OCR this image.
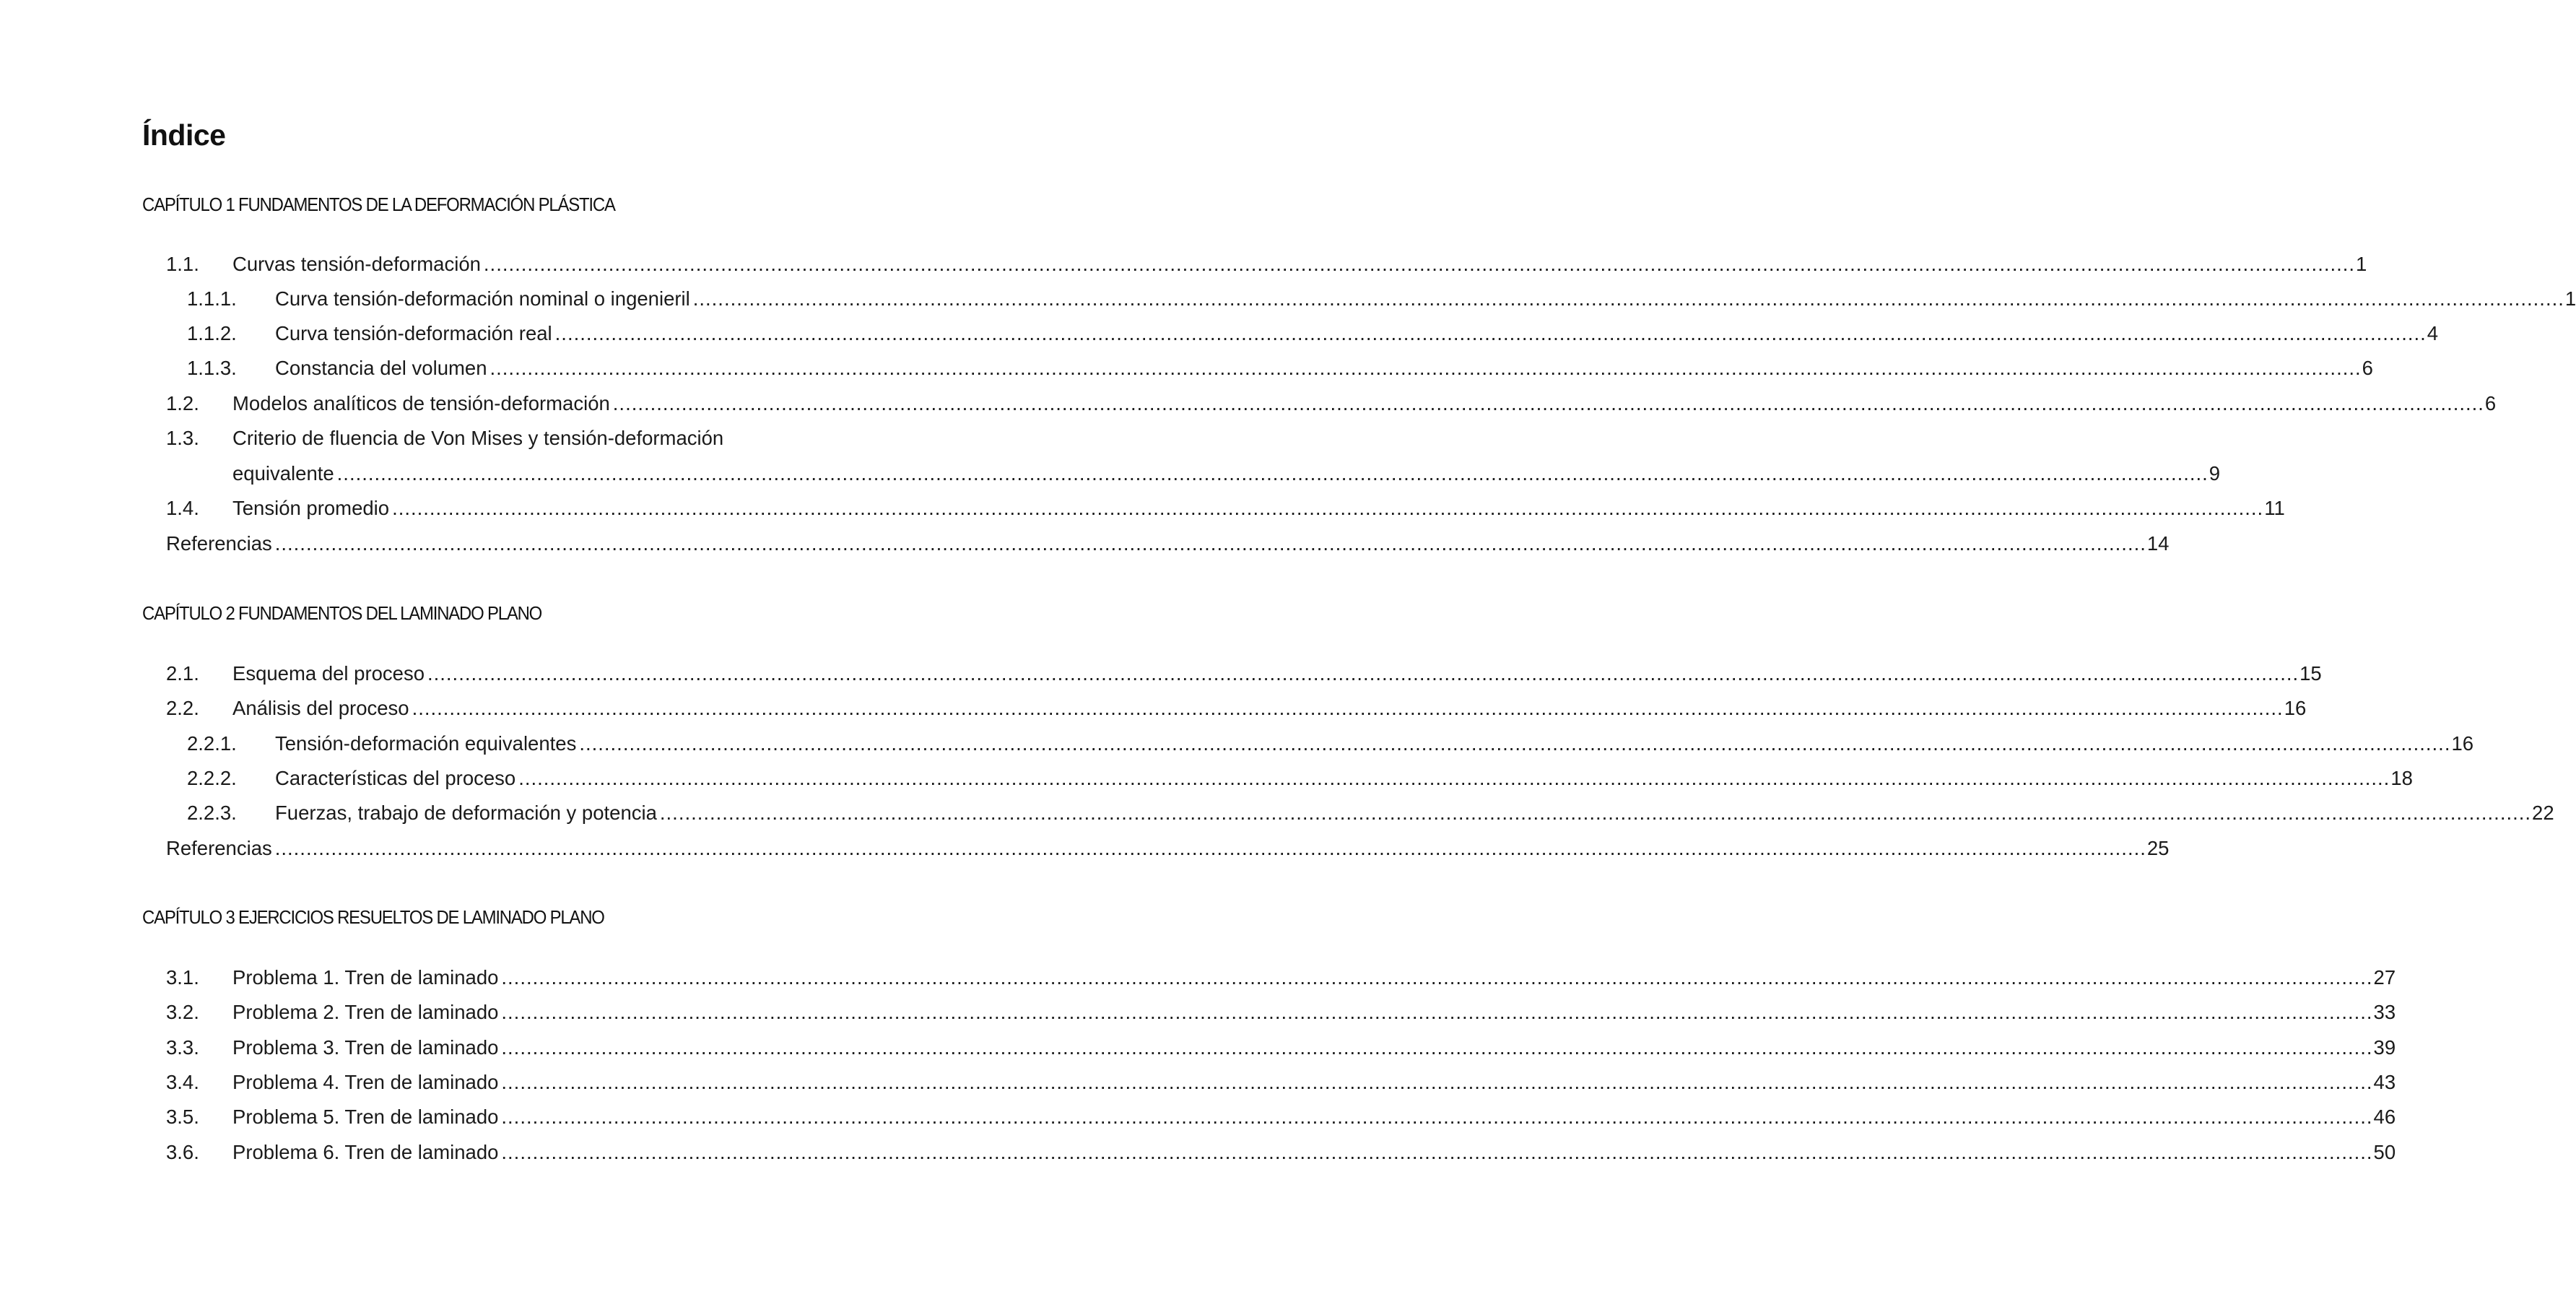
Índice
CAPÍTULO 1 FUNDAMENTOS DE LA DEFORMACIÓN PLÁSTICA
1.1. Curvas tensión-deformación ............................................................................................................................................................................................................................................................................................................ 1
1.1.1. Curva tensión-deformación nominal o ingenieril ............................................................................................................................................................................................................................................................................................................ 1
1.1.2. Curva tensión-deformación real ............................................................................................................................................................................................................................................................................................................ 4
1.1.3. Constancia del volumen ............................................................................................................................................................................................................................................................................................................ 6
1.2. Modelos analíticos de tensión-deformación ............................................................................................................................................................................................................................................................................................................ 6
1.3. Criterio de fluencia de Von Mises y tensión-deformación
equivalente ............................................................................................................................................................................................................................................................................................................ 9
1.4. Tensión promedio ............................................................................................................................................................................................................................................................................................................ 11
Referencias ............................................................................................................................................................................................................................................................................................................ 14
CAPÍTULO 2 FUNDAMENTOS DEL LAMINADO PLANO
2.1. Esquema del proceso ............................................................................................................................................................................................................................................................................................................ 15
2.2. Análisis del proceso ............................................................................................................................................................................................................................................................................................................ 16
2.2.1. Tensión-deformación equivalentes ............................................................................................................................................................................................................................................................................................................ 16
2.2.2. Características del proceso ............................................................................................................................................................................................................................................................................................................ 18
2.2.3. Fuerzas, trabajo de deformación y potencia ............................................................................................................................................................................................................................................................................................................ 22
Referencias ............................................................................................................................................................................................................................................................................................................ 25
CAPÍTULO 3 EJERCICIOS RESUELTOS DE LAMINADO PLANO
3.1. Problema 1. Tren de laminado ............................................................................................................................................................................................................................................................................................................ 27
3.2. Problema 2. Tren de laminado ............................................................................................................................................................................................................................................................................................................ 33
3.3. Problema 3. Tren de laminado ............................................................................................................................................................................................................................................................................................................ 39
3.4. Problema 4. Tren de laminado ............................................................................................................................................................................................................................................................................................................ 43
3.5. Problema 5. Tren de laminado ............................................................................................................................................................................................................................................................................................................ 46
3.6. Problema 6. Tren de laminado ............................................................................................................................................................................................................................................................................................................ 50
